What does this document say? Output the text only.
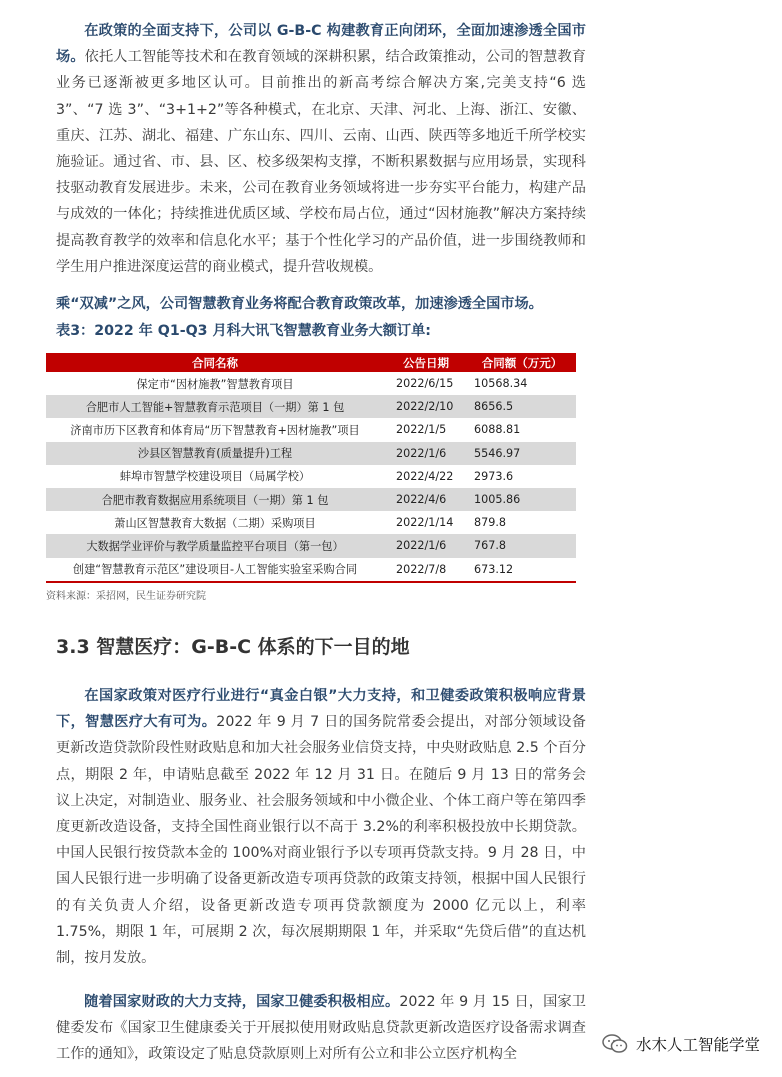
在政策的全面支持下，公司以 G-B-C 构建教育正向闭环，全面加速渗透全国市场。依托人工智能等技术和在教育领域的深耕积累，结合政策推动，公司的智慧教育业务已逐渐被更多地区认可。目前推出的新高考综合解决方案,完美支持“6 选 3”、“7 选 3”、“3+1+2”等各种模式，在北京、天津、河北、上海、浙江、安徽、重庆、江苏、湖北、福建、广东山东、四川、云南、山西、陕西等多地近千所学校实施验证。通过省、市、县、区、校多级架构支撑，不断积累数据与应用场景，实现科技驱动教育发展进步。未来，公司在教育业务领域将进一步夯实平台能力，构建产品与成效的一体化；持续推进优质区域、学校布局占位，通过“因材施教”解决方案持续提高教育教学的效率和信息化水平；基于个性化学习的产品价值，进一步围绕教师和学生用户推进深度运营的商业模式，提升营收规模。

乘“双减”之风，公司智慧教育业务将配合教育政策改革，加速渗透全国市场。

表3：2022 年 Q1-Q3 月科大讯飞智慧教育业务大额订单:

合同名称	公告日期	合同额（万元）
保定市“因材施教”智慧教育项目	2022/6/15	10568.34
合肥市人工智能+智慧教育示范项目（一期）第 1 包	2022/2/10	8656.5
济南市历下区教育和体育局“历下智慧教育+因材施教”项目	2022/1/5	6088.81
沙县区智慧教育(质量提升)工程	2022/1/6	5546.97
蚌埠市智慧学校建设项目（局属学校）	2022/4/22	2973.6
合肥市教育数据应用系统项目（一期）第 1 包	2022/4/6	1005.86
萧山区智慧教育大数据（二期）采购项目	2022/1/14	879.8
大数据学业评价与教学质量监控平台项目（第一包）	2022/1/6	767.8
创建“智慧教育示范区”建设项目-人工智能实验室采购合同	2022/7/8	673.12
资料来源：采招网，民生证券研究院
3.3 智慧医疗：G-B-C 体系的下一目的地

在国家政策对医疗行业进行“真金白银”大力支持，和卫健委政策积极响应背景下，智慧医疗大有可为。2022 年 9 月 7 日的国务院常委会提出，对部分领域设备更新改造贷款阶段性财政贴息和加大社会服务业信贷支持，中央财政贴息 2.5 个百分点，期限 2 年，申请贴息截至 2022 年 12 月 31 日。在随后 9 月 13 日的常务会议上决定，对制造业、服务业、社会服务领域和中小微企业、个体工商户等在第四季度更新改造设备，支持全国性商业银行以不高于 3.2%的利率积极投放中长期贷款。中国人民银行按贷款本金的 100%对商业银行予以专项再贷款支持。9 月 28 日，中国人民银行进一步明确了设备更新改造专项再贷款的政策支持领，根据中国人民银行的有关负责人介绍，设备更新改造专项再贷款额度为 2000 亿元以上，利率 1.75%，期限 1 年，可展期 2 次，每次展期期限 1 年，并采取“先贷后借”的直达机制，按月发放。

随着国家财政的大力支持，国家卫健委积极相应。2022 年 9 月 15 日，国家卫健委发布《国家卫生健康委关于开展拟使用财政贴息贷款更新改造医疗设备需求调查工作的通知》，政策设定了贴息贷款原则上对所有公立和非公立医疗机构全

水木人工智能学堂
